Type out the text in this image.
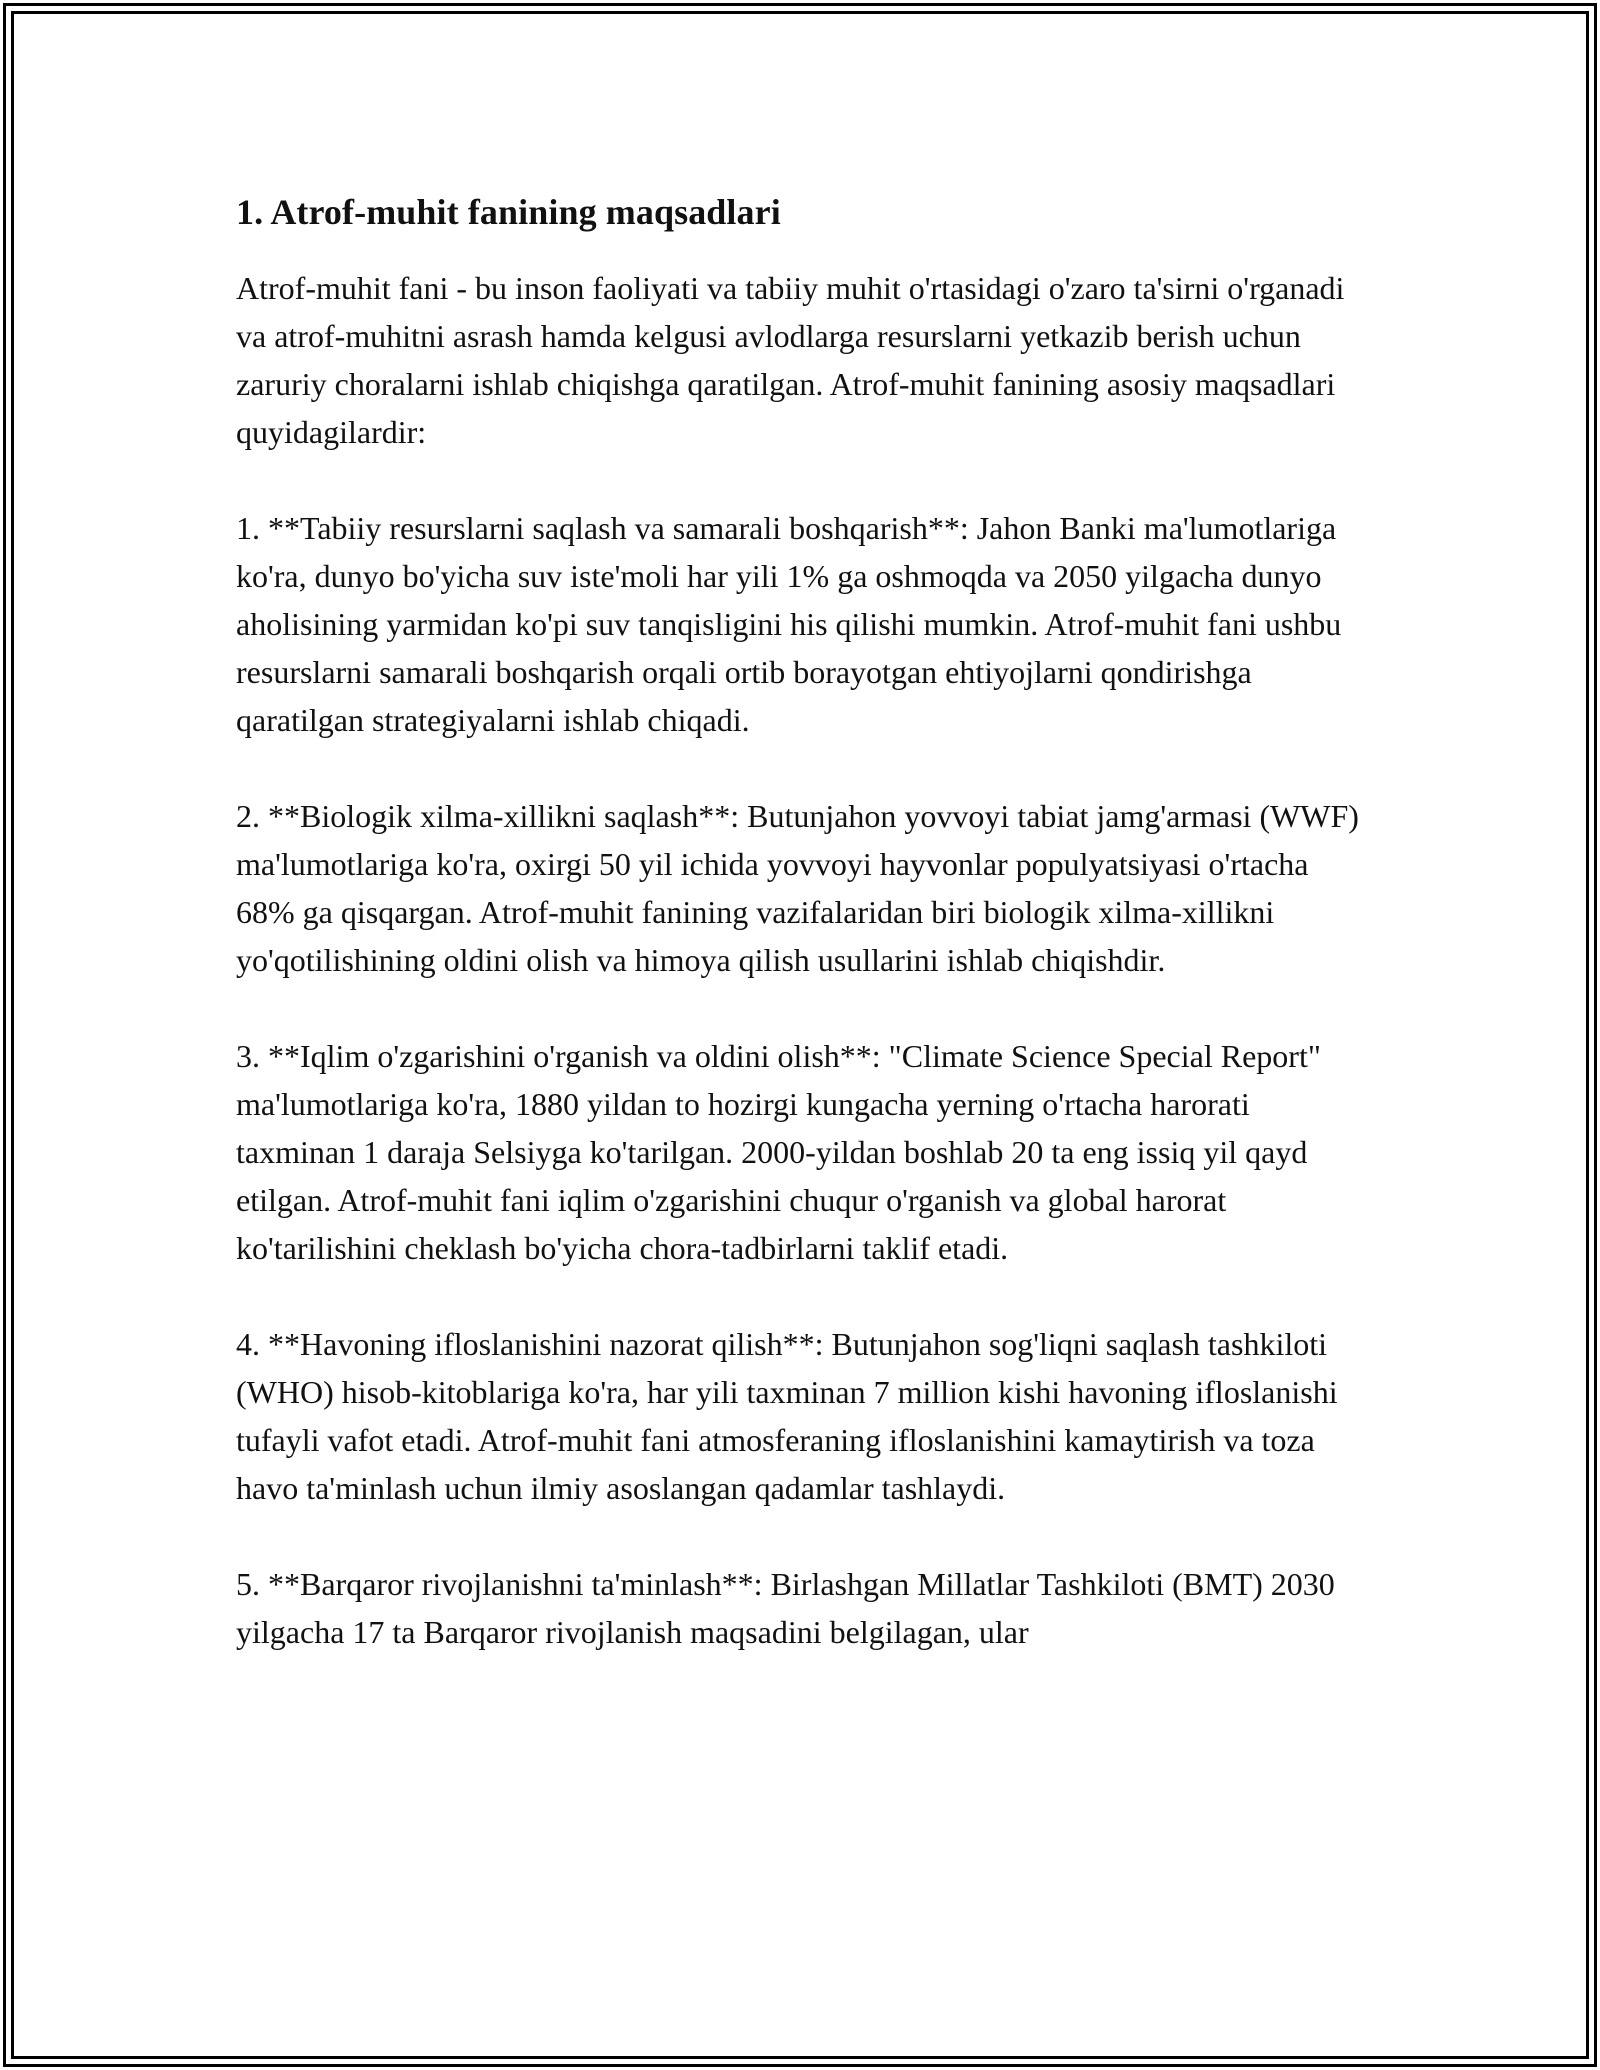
1. Atrof-muhit fanining maqsadlari

Atrof-muhit fani - bu inson faoliyati va tabiiy muhit o'rtasidagi o'zaro ta'sirni o'rganadi va atrof-muhitni asrash hamda kelgusi avlodlarga resurslarni yetkazib berish uchun zaruriy choralarni ishlab chiqishga qaratilgan. Atrof-muhit fanining asosiy maqsadlari quyidagilardir:

1. **Tabiiy resurslarni saqlash va samarali boshqarish**: Jahon Banki ma'lumotlariga ko'ra, dunyo bo'yicha suv iste'moli har yili 1% ga oshmoqda va 2050 yilgacha dunyo aholisining yarmidan ko'pi suv tanqisligini his qilishi mumkin. Atrof-muhit fani ushbu resurslarni samarali boshqarish orqali ortib borayotgan ehtiyojlarni qondirishga qaratilgan strategiyalarni ishlab chiqadi.

2. **Biologik xilma-xillikni saqlash**: Butunjahon yovvoyi tabiat jamg'armasi (WWF) ma'lumotlariga ko'ra, oxirgi 50 yil ichida yovvoyi hayvonlar populyatsiyasi o'rtacha 68% ga qisqargan. Atrof-muhit fanining vazifalaridan biri biologik xilma-xillikni yo'qotilishining oldini olish va himoya qilish usullarini ishlab chiqishdir.

3. **Iqlim o'zgarishini o'rganish va oldini olish**: "Climate Science Special Report" ma'lumotlariga ko'ra, 1880 yildan to hozirgi kungacha yerning o'rtacha harorati taxminan 1 daraja Selsiyga ko'tarilgan. 2000-yildan boshlab 20 ta eng issiq yil qayd etilgan. Atrof-muhit fani iqlim o'zgarishini chuqur o'rganish va global harorat ko'tarilishini cheklash bo'yicha chora-tadbirlarni taklif etadi.

4. **Havoning ifloslanishini nazorat qilish**: Butunjahon sog'liqni saqlash tashkiloti (WHO) hisob-kitoblariga ko'ra, har yili taxminan 7 million kishi havoning ifloslanishi tufayli vafot etadi. Atrof-muhit fani atmosferaning ifloslanishini kamaytirish va toza havo ta'minlash uchun ilmiy asoslangan qadamlar tashlaydi.

5. **Barqaror rivojlanishni ta'minlash**: Birlashgan Millatlar Tashkiloti (BMT) 2030 yilgacha 17 ta Barqaror rivojlanish maqsadini belgilagan, ular
